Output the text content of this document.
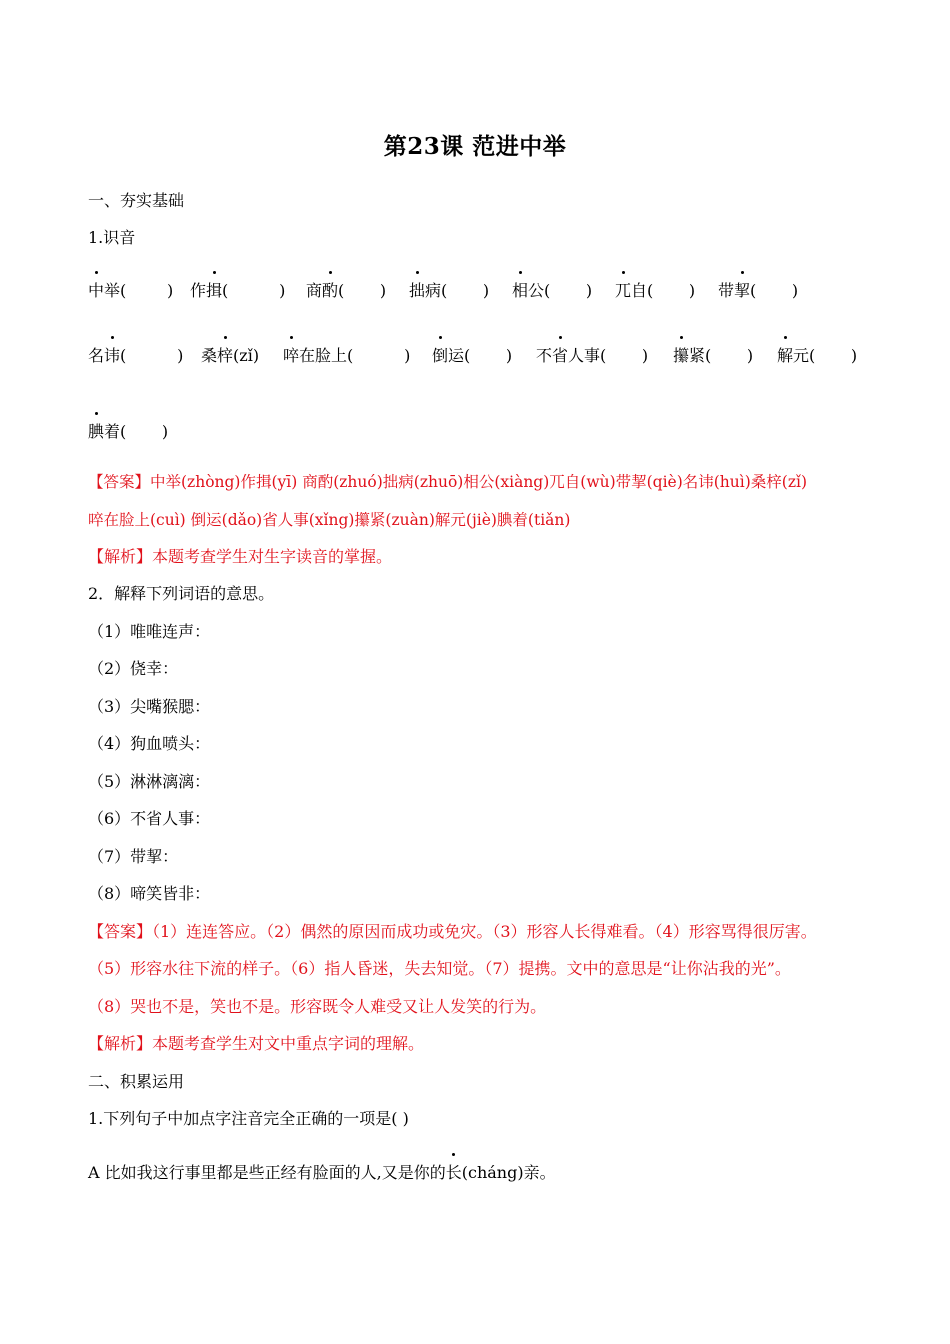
第23课 范进中举
一、夯实基础
1.识音
中举(	) 作揖(	) 商酌( ) 拙病( ) 相公( ) 兀自( ) 带挈( )
名讳(	) 桑梓(zǐ) 啐在脸上(	) 倒运( ) 不省人事( ) 攥紧( ) 解元( )
腆着( )
【答案】中举(zhòng)作揖(yī) 商酌(zhuó)拙病(zhuō)相公(xiàng)兀自(wù)带挈(qiè)名讳(huì)桑梓(zǐ)
啐在脸上(cuì) 倒运(dǎo)省人事(xǐng)攥紧(zuàn)解元(jiè)腆着(tiǎn)
【解析】本题考查学生对生字读音的掌握。
2．解释下列词语的意思。
（1）唯唯连声：
（2）侥幸：
（3）尖嘴猴腮：
（4）狗血喷头：
（5）淋淋漓漓：
（6）不省人事：
（7）带挈：
（8）啼笑皆非：
【答案】（1）连连答应。（2）偶然的原因而成功或免灾。（3）形容人长得难看。（4）形容骂得很厉害。
（5）形容水往下流的样子。（6）指人昏迷，失去知觉。（7）提携。文中的意思是“让你沾我的光”。
（8）哭也不是，笑也不是。形容既令人难受又让人发笑的行为。
【解析】本题考查学生对文中重点字词的理解。
二、积累运用
1.下列句子中加点字注音完全正确的一项是( )
A 比如我这行事里都是些正经有脸面的人,又是你的长(cháng)亲。
